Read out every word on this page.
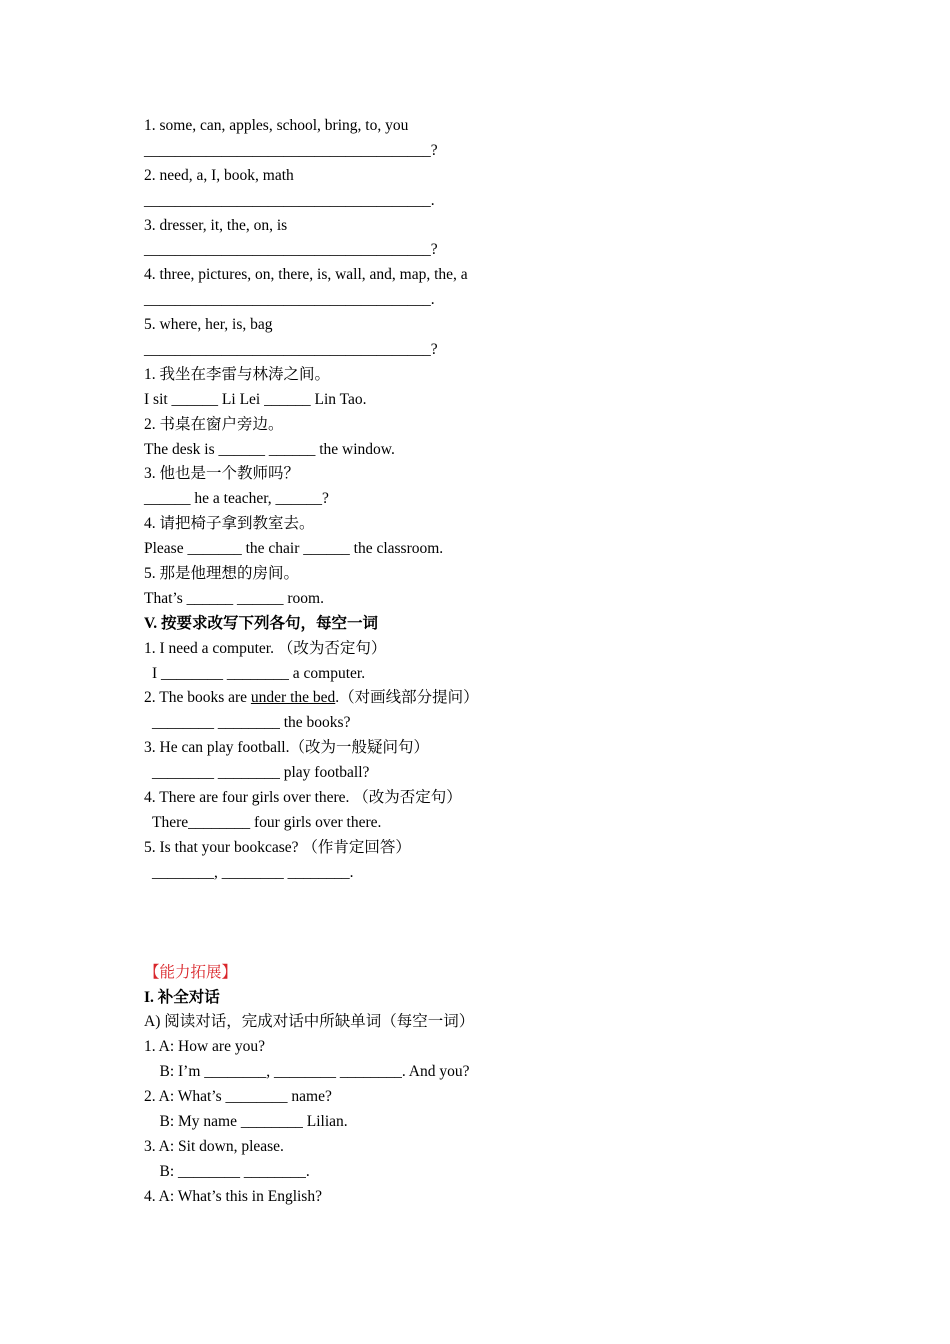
1. some, can, apples, school, bring, to, you
_____________________________________?
2. need, a, I, book, math
_____________________________________.
3. dresser, it, the, on, is
_____________________________________?
4. three, pictures, on, there, is, wall, and, map, the, a
_____________________________________.
5. where, her, is, bag
_____________________________________?
1. 我坐在李雷与林涛之间。
I sit ______ Li Lei ______ Lin Tao.
2. 书桌在窗户旁边。
The desk is ______ ______ the window.
3. 他也是一个教师吗？
______ he a teacher, ______?
4. 请把椅子拿到教室去。
Please _______ the chair ______ the classroom.
5. 那是他理想的房间。
That’s ______ ______ room.
V. 按要求改写下列各句，每空一词
1. I need a computer. （改为否定句）
I ________ ________ a computer.
2. The books are under the bed.（对画线部分提问）
________ ________ the books?
3. He can play football.（改为一般疑问句）
________ ________ play football?
4. There are four girls over there. （改为否定句）
There________ four girls over there.
5. Is that your bookcase? （作肯定回答）
________, ________ ________.
【能力拓展】
I. 补全对话
A) 阅读对话，完成对话中所缺单词（每空一词）
1. A: How are you?
B: I’m ________, ________ ________. And you?
2. A: What’s ________ name?
B: My name ________ Lilian.
3. A: Sit down, please.
B: ________ ________.
4. A: What’s this in English?
